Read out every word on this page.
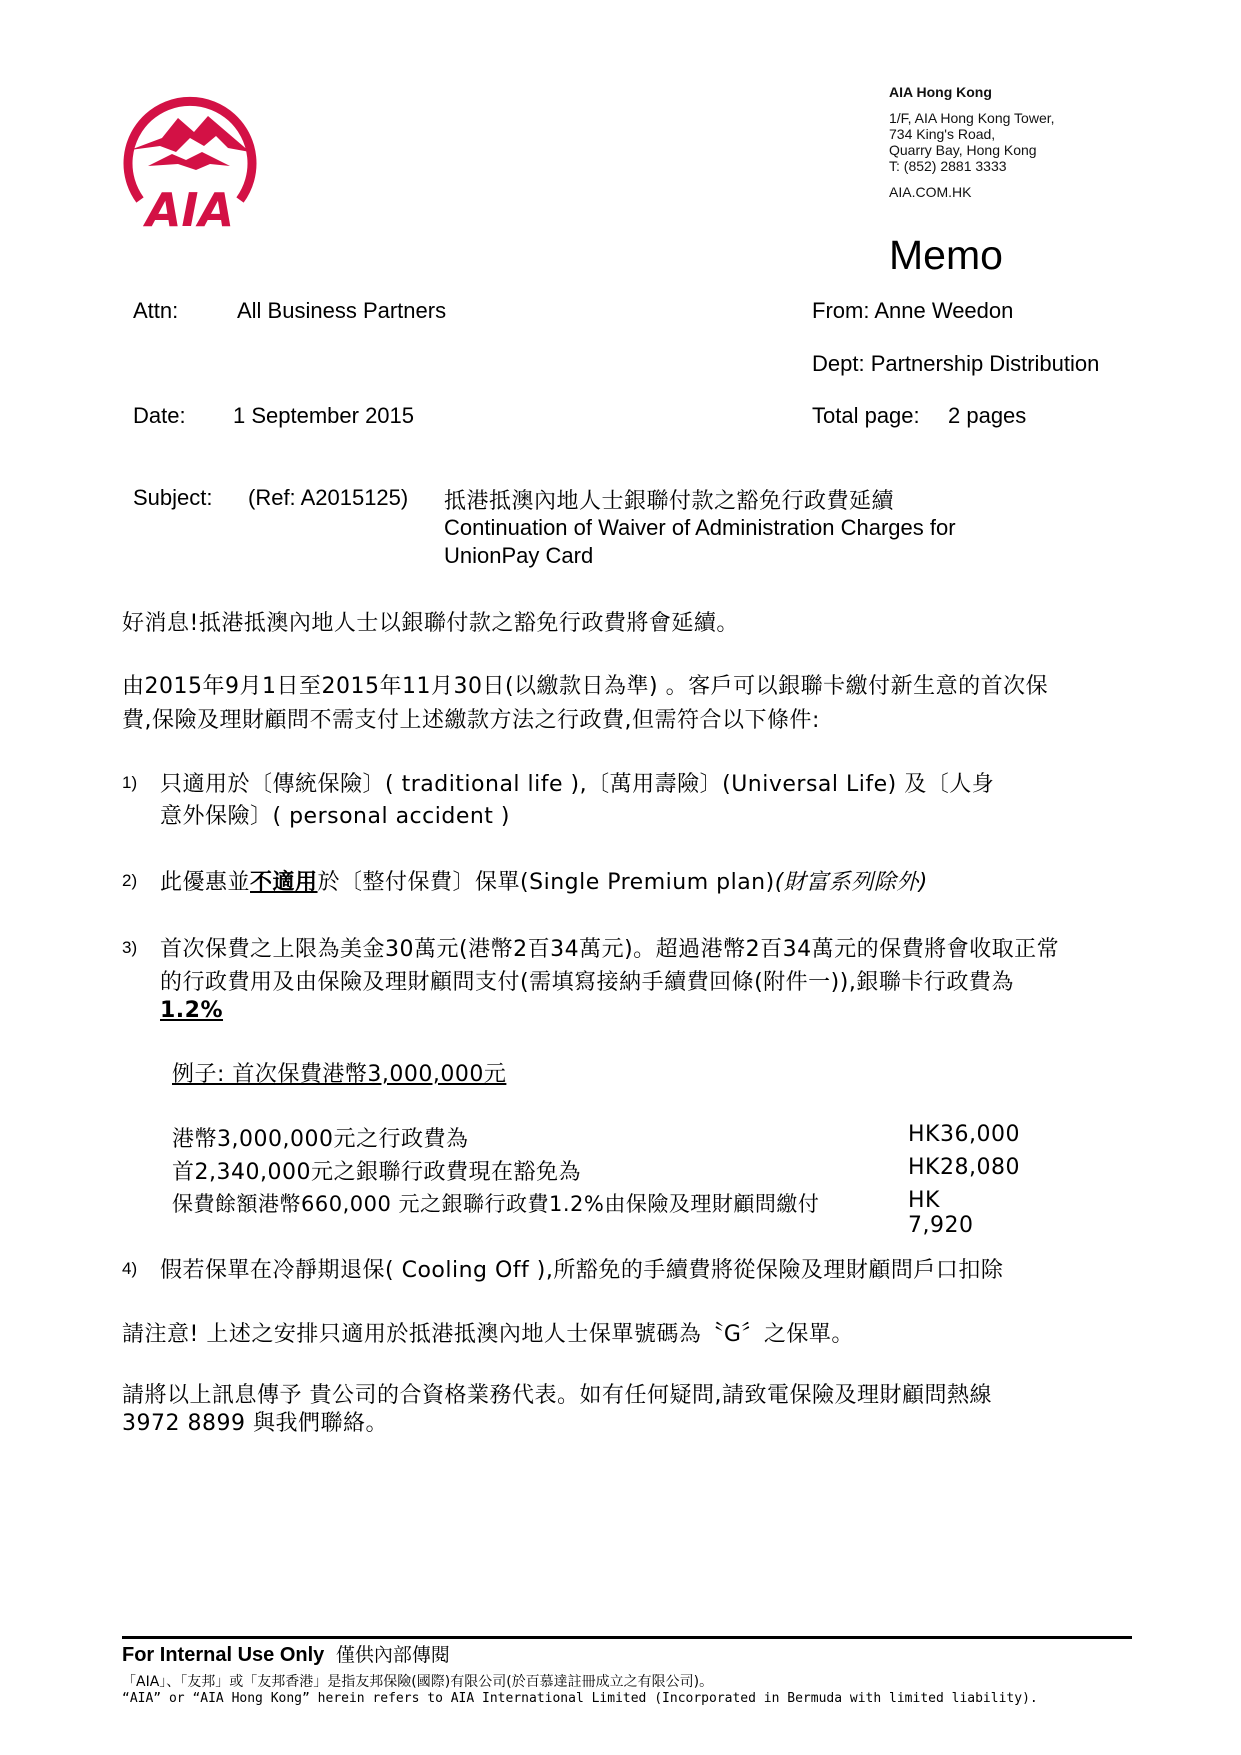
AIA
AIA Hong Kong
1/F, AIA Hong Kong Tower,
734 King's Road,
Quarry Bay, Hong Kong
T: (852) 2881 3333
AIA.COM.HK
Memo
Attn:	All Business Partners	From: Anne Weedon
Dept: Partnership Distribution
Date: 1 September 2015	Total page: 2 pages
Subject: (Ref: A2015125) 抵港抵澳內地人士銀聯付款之豁免行政費延續
Continuation of Waiver of Administration Charges for
UnionPay Card
好消息!抵港抵澳內地人士以銀聯付款之豁免行政費將會延續。
由2015年9月1日至2015年11月30日(以繳款日為準) 。客戶可以銀聯卡繳付新生意的首次保
費,保險及理財顧問不需支付上述繳款方法之行政費,但需符合以下條件:
1) 只適用於〔傳統保險〕( traditional life ),〔萬用壽險〕(Universal Life) 及〔人身
意外保險〕( personal accident )
2) 此優惠並不適用於〔整付保費〕保單(Single Premium plan)(財富系列除外)
3) 首次保費之上限為美金30萬元(港幣2百34萬元)。超過港幣2百34萬元的保費將會收取正常
的行政費用及由保險及理財顧問支付(需填寫接納手續費回條(附件一)),銀聯卡行政費為
1.2%
例子: 首次保費港幣3,000,000元
港幣3,000,000元之行政費為	HK36,000
首2,340,000元之銀聯行政費現在豁免為	HK28,080
保費餘額港幣660,000 元之銀聯行政費1.2%由保險及理財顧問繳付	HK 7,920
4) 假若保單在冷靜期退保( Cooling Off ),所豁免的手續費將從保險及理財顧問戶口扣除
請注意! 上述之安排只適用於抵港抵澳內地人士保單號碼為〝G〞之保單。
請將以上訊息傳予 貴公司的合資格業務代表。如有任何疑問,請致電保險及理財顧問熱線
3972 8899 與我們聯絡。
For Internal Use Only 僅供內部傳閱
「AIA」、「友邦」或「友邦香港」是指友邦保險(國際)有限公司(於百慕達註冊成立之有限公司)。
“AIA” or “AIA Hong Kong” herein refers to AIA International Limited (Incorporated in Bermuda with limited liability).
